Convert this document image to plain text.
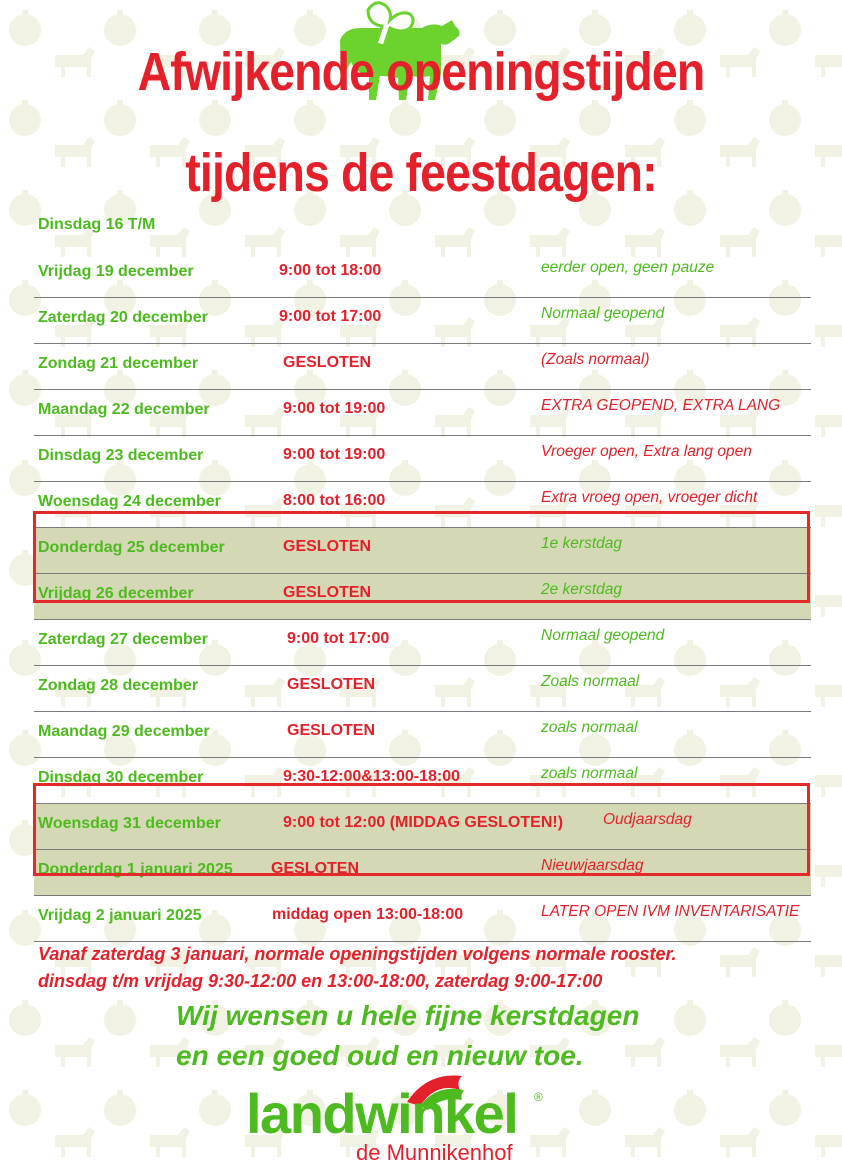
Afwijkende openingstijden
tijdens de feestdagen:
Dinsdag 16 T/M
Vrijdag 19 december	9:00 tot 18:00	eerder open, geen pauze
Zaterdag 20 december	9:00 tot 17:00	Normaal geopend
Zondag 21 december	GESLOTEN	(Zoals normaal)
Maandag 22 december	9:00 tot 19:00	EXTRA GEOPEND, EXTRA LANG
Dinsdag 23 december	9:00 tot 19:00	Vroeger open, Extra lang open
Woensdag 24 december	8:00 tot 16:00	Extra vroeg open, vroeger dicht
Donderdag 25 december	GESLOTEN	1e kerstdag
Vrijdag 26 december	GESLOTEN	2e kerstdag
Zaterdag 27 december	9:00 tot 17:00	Normaal geopend
Zondag 28 december	GESLOTEN	Zoals normaal
Maandag 29 december	GESLOTEN	zoals normaal
Dinsdag 30 december	9:30-12:00&13:00-18:00	zoals normaal
Woensdag 31 december	9:00 tot 12:00 (MIDDAG GESLOTEN!)	Oudjaarsdag
Donderdag 1 januari 2025 GESLOTEN	Nieuwjaarsdag
Vrijdag 2 januari 2025	middag open 13:00-18:00	LATER OPEN IVM INVENTARISATIE
Vanaf zaterdag 3 januari, normale openingstijden volgens normale rooster.
dinsdag t/m vrijdag 9:30-12:00 en 13:00-18:00, zaterdag 9:00-17:00
Wij wensen u hele fijne kerstdagen
en een goed oud en nieuw toe.
landwinkel ®
de Munnikenhof
